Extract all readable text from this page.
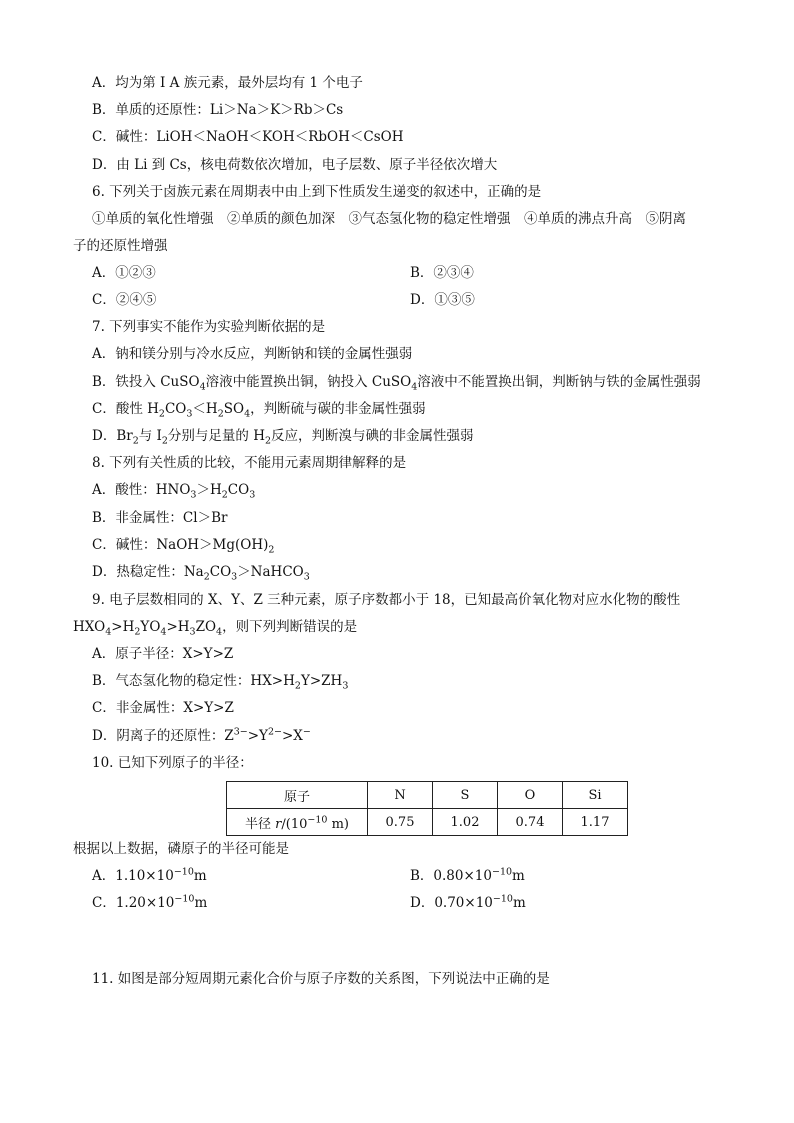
A．均为第 I A 族元素，最外层均有 1 个电子
B．单质的还原性：Li＞Na＞K＞Rb＞Cs
C．碱性：LiOH＜NaOH＜KOH＜RbOH＜CsOH
D．由 Li 到 Cs，核电荷数依次增加，电子层数、原子半径依次增大
6. 下列关于卤族元素在周期表中由上到下性质发生递变的叙述中，正确的是
①单质的氧化性增强　②单质的颜色加深　③气态氢化物的稳定性增强　④单质的沸点升高　⑤阴离
子的还原性增强
A．①②③	B．②③④
C．②④⑤	D．①③⑤
7. 下列事实不能作为实验判断依据的是
A．钠和镁分别与冷水反应，判断钠和镁的金属性强弱
B．铁投入 CuSO$_4$溶液中能置换出铜，钠投入 CuSO$_4$溶液中不能置换出铜，判断钠与铁的金属性强弱
C．酸性 $H_2CO_3<H_2SO_4$，判断硫与碳的非金属性强弱
D．$Br_2$与 $I_2$分别与足量的 $H_2$反应，判断溴与碘的非金属性强弱
8. 下列有关性质的比较，不能用元素周期律解释的是
A．酸性：$HNO_3>H_2CO_3$
B．非金属性：Cl＞Br
C．碱性：$NaOH>Mg(OH)_2$
D．热稳定性：$Na_2CO_3>NaHCO_3$
9. 电子层数相同的 X、Y、Z 三种元素，原子序数都小于 18，已知最高价氧化物对应水化物的酸性
$HXO_4>H_2YO_4>H_3ZO_4$，则下列判断错误的是
A．原子半径：X>Y>Z
B．气态氢化物的稳定性：$HX>H_2Y>ZH_3$
C．非金属性：X>Y>Z
D．阴离子的还原性：$Z^{3-}>Y^{2-}>X^-$
10. 已知下列原子的半径：
原子	N	S	O	Si
半径 $r/(10^{-10}$ m)	0.75	1.02	0.74	1.17
根据以上数据，磷原子的半径可能是
A．$1.10\times 10^{-10}m$	B．$0.80\times 10^{-10}m$
C．$1.20\times 10^{-10}m$	D．$0.70\times 10^{-10}m$
11. 如图是部分短周期元素化合价与原子序数的关系图，下列说法中正确的是
